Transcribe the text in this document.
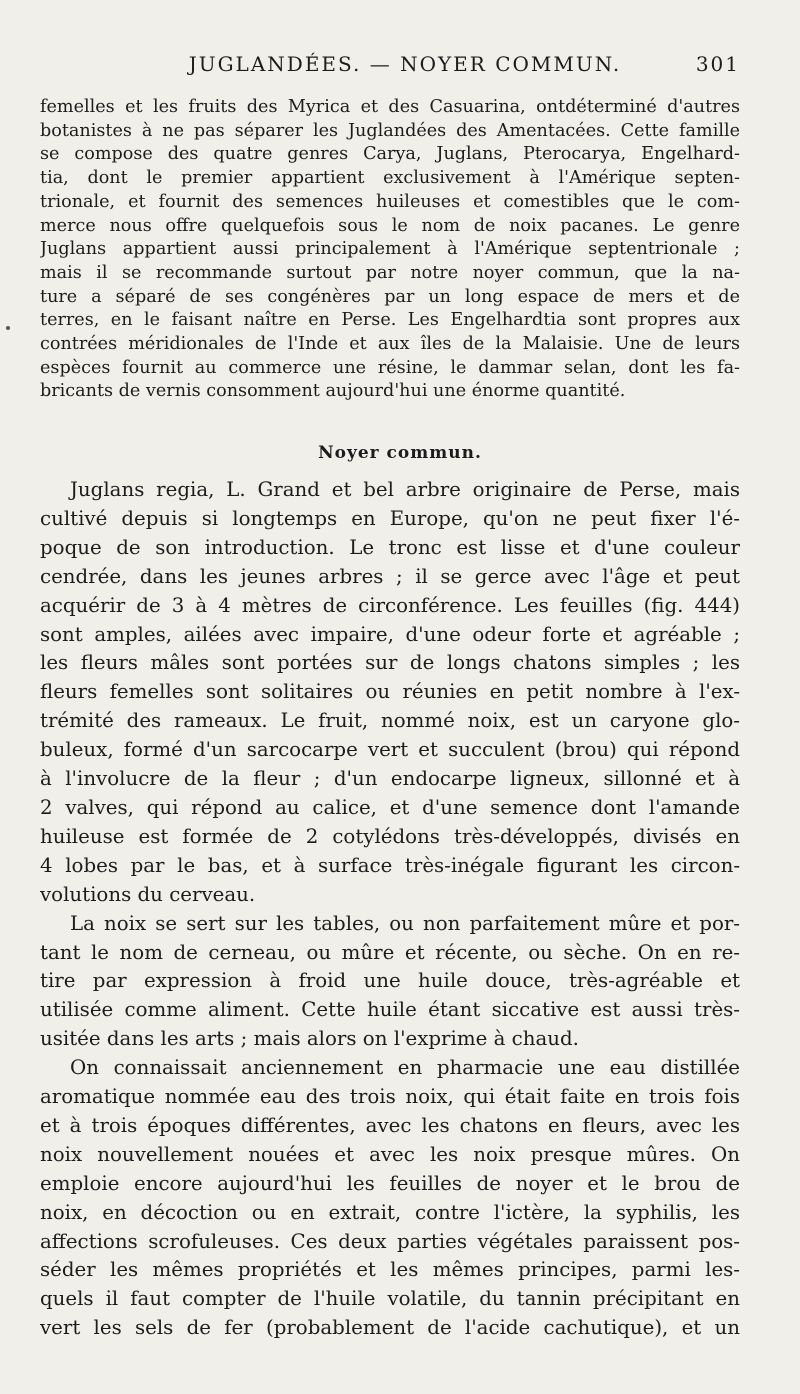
JUGLANDÉES. — NOYER COMMUN.	301
femelles et les fruits des Myrica et des Casuarina, ontdéterminé d'autres
botanistes à ne pas séparer les Juglandées des Amentacées. Cette famille
se compose des quatre genres Carya, Juglans, Pterocarya, Engelhard-
tia, dont le premier appartient exclusivement à l'Amérique septen-
trionale, et fournit des semences huileuses et comestibles que le com-
merce nous offre quelquefois sous le nom de noix pacanes. Le genre
Juglans appartient aussi principalement à l'Amérique septentrionale ;
mais il se recommande surtout par notre noyer commun, que la na-
ture a séparé de ses congénères par un long espace de mers et de
terres, en le faisant naître en Perse. Les Engelhardtia sont propres aux
contrées méridionales de l'Inde et aux îles de la Malaisie. Une de leurs
espèces fournit au commerce une résine, le dammar selan, dont les fa-
bricants de vernis consomment aujourd'hui une énorme quantité.
Noyer commun.
Juglans regia, L. Grand et bel arbre originaire de Perse, mais
cultivé depuis si longtemps en Europe, qu'on ne peut fixer l'é-
poque de son introduction. Le tronc est lisse et d'une couleur
cendrée, dans les jeunes arbres ; il se gerce avec l'âge et peut
acquérir de 3 à 4 mètres de circonférence. Les feuilles (fig. 444)
sont amples, ailées avec impaire, d'une odeur forte et agréable ;
les fleurs mâles sont portées sur de longs chatons simples ; les
fleurs femelles sont solitaires ou réunies en petit nombre à l'ex-
trémité des rameaux. Le fruit, nommé noix, est un caryone glo-
buleux, formé d'un sarcocarpe vert et succulent (brou) qui répond
à l'involucre de la fleur ; d'un endocarpe ligneux, sillonné et à
2 valves, qui répond au calice, et d'une semence dont l'amande
huileuse est formée de 2 cotylédons très-développés, divisés en
4 lobes par le bas, et à surface très-inégale figurant les circon-
volutions du cerveau.
La noix se sert sur les tables, ou non parfaitement mûre et por-
tant le nom de cerneau, ou mûre et récente, ou sèche. On en re-
tire par expression à froid une huile douce, très-agréable et
utilisée comme aliment. Cette huile étant siccative est aussi très-
usitée dans les arts ; mais alors on l'exprime à chaud.
On connaissait anciennement en pharmacie une eau distillée
aromatique nommée eau des trois noix, qui était faite en trois fois
et à trois époques différentes, avec les chatons en fleurs, avec les
noix nouvellement nouées et avec les noix presque mûres. On
emploie encore aujourd'hui les feuilles de noyer et le brou de
noix, en décoction ou en extrait, contre l'ictère, la syphilis, les
affections scrofuleuses. Ces deux parties végétales paraissent pos-
séder les mêmes propriétés et les mêmes principes, parmi les-
quels il faut compter de l'huile volatile, du tannin précipitant en
vert les sels de fer (probablement de l'acide cachutique), et un
